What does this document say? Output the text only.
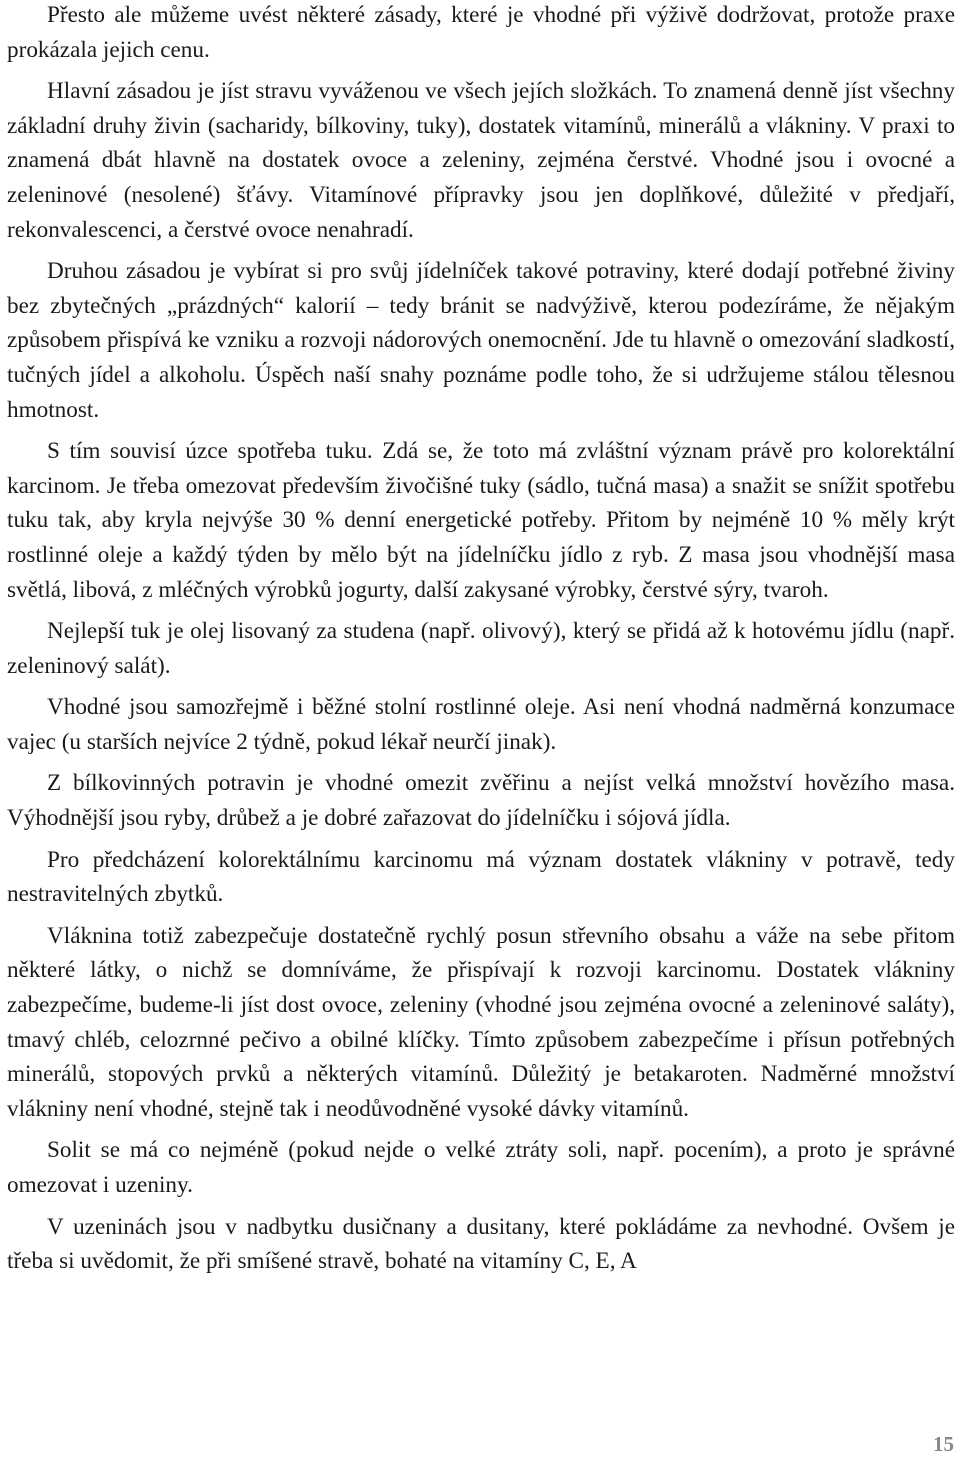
Přesto ale můžeme uvést některé zásady, které je vhodné při výživě dodržovat, protože praxe prokázala jejich cenu.

Hlavní zásadou je jíst stravu vyváženou ve všech jejích složkách. To znamená denně jíst všechny základní druhy živin (sacharidy, bílkoviny, tuky), dostatek vitamínů, minerálů a vlákniny. V praxi to znamená dbát hlavně na dostatek ovoce a zeleniny, zejména čerstvé. Vhodné jsou i ovocné a zeleninové (nesolené) šťávy. Vitamínové přípravky jsou jen doplňkové, důležité v předjaří, rekonvalescenci, a čerstvé ovoce nenahradí.

Druhou zásadou je vybírat si pro svůj jídelníček takové potraviny, které dodají potřebné živiny bez zbytečných „prázdných“ kalorií – tedy bránit se nadvýživě, kterou podezíráme, že nějakým způsobem přispívá ke vzniku a rozvoji nádorových onemocnění. Jde tu hlavně o omezování sladkostí, tučných jídel a alkoholu. Úspěch naší snahy poznáme podle toho, že si udržujeme stálou tělesnou hmotnost.

S tím souvisí úzce spotřeba tuku. Zdá se, že toto má zvláštní význam právě pro kolorektální karcinom. Je třeba omezovat především živočišné tuky (sádlo, tučná masa) a snažit se snížit spotřebu tuku tak, aby kryla nejvýše 30 % denní energetické potřeby. Přitom by nejméně 10 % měly krýt rostlinné oleje a každý týden by mělo být na jídelníčku jídlo z ryb. Z masa jsou vhodnější masa světlá, libová, z mléčných výrobků jogurty, další zakysané výrobky, čerstvé sýry, tvaroh.

Nejlepší tuk je olej lisovaný za studena (např. olivový), který se přidá až k hotovému jídlu (např. zeleninový salát).

Vhodné jsou samozřejmě i běžné stolní rostlinné oleje. Asi není vhodná nadměrná konzumace vajec (u starších nejvíce 2 týdně, pokud lékař neurčí jinak).

Z bílkovinných potravin je vhodné omezit zvěřinu a nejíst velká množství hovězího masa. Výhodnější jsou ryby, drůbež a je dobré zařazovat do jídelníčku i sójová jídla.

Pro předcházení kolorektálnímu karcinomu má význam dostatek vlákniny v potravě, tedy nestravitelných zbytků.

Vláknina totiž zabezpečuje dostatečně rychlý posun střevního obsahu a váže na sebe přitom některé látky, o nichž se domníváme, že přispívají k rozvoji karcinomu. Dostatek vlákniny zabezpečíme, budeme-li jíst dost ovoce, zeleniny (vhodné jsou zejména ovocné a zeleninové saláty), tmavý chléb, celozrnné pečivo a obilné klíčky. Tímto způsobem zabezpečíme i přísun potřebných minerálů, stopových prvků a některých vitamínů. Důležitý je betakaroten. Nadměrné množství vlákniny není vhodné, stejně tak i neodůvodněné vysoké dávky vitamínů.

Solit se má co nejméně (pokud nejde o velké ztráty soli, např. pocením), a proto je správné omezovat i uzeniny.

V uzeninách jsou v nadbytku dusičnany a dusitany, které pokládáme za nevhodné. Ovšem je třeba si uvědomit, že při smíšené stravě, bohaté na vitamíny C, E, A

15
